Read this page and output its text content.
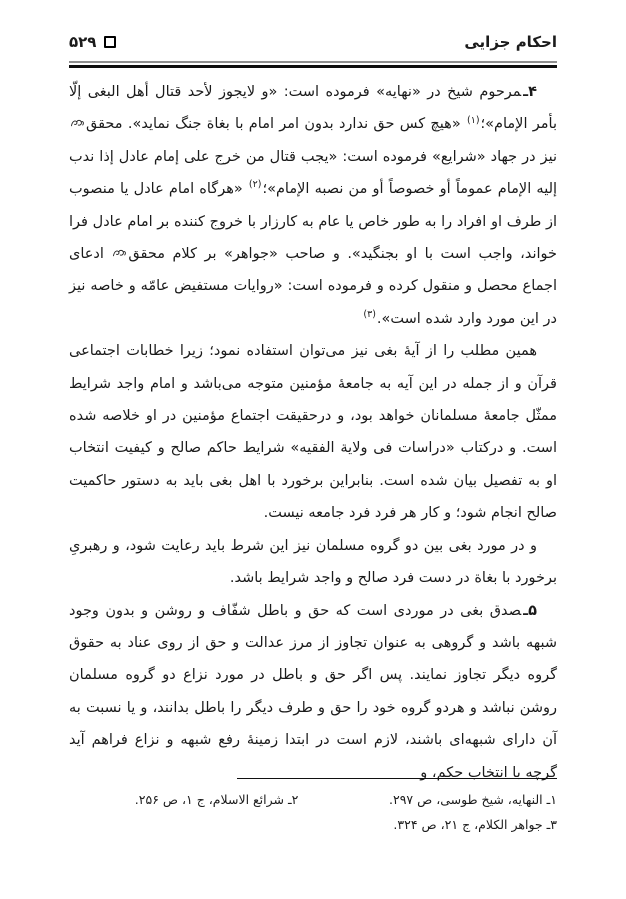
احکام جزایی
۵۲۹

۴ـمرحوم شیخ در «نهایه» فرموده است: «و لایجوز لأحد قتال أهل البغی إلّا بأمر الإمام»؛$^{(۱)}$ «هیچ کس حق ندارد بدون امر امام با بغاة جنگ نماید». محقق نیز در جهاد «شرایع» فرموده است: «یجب قتال من خرج علی إمام عادل إذا ندب إلیه الإمام عموماً أو خصوصاً أو من نصبه الإمام»؛$^{(۲)}$ «هرگاه امام عادل یا منصوب از طرف او افراد را به طور خاص یا عام به کارزار با خروج کننده بر امام عادل فرا خواند، واجب است با او بجنگید». و صاحب «جواهر» بر کلام محقق ادعای اجماع محصل و منقول کرده و فرموده است: «روایات مستفیض عامّه و خاصه نیز در این مورد وارد شده است».$^{(۳)}$

همین مطلب را از آیهٔ بغی نیز می‌توان استفاده نمود؛ زیرا خطابات اجتماعی قرآن و از جمله در این آیه به جامعهٔ مؤمنین متوجه می‌باشد و امام واجد شرایط ممثّل جامعهٔ مسلمانان خواهد بود، و درحقیقت اجتماع مؤمنین در او خلاصه شده است. و درکتاب «دراسات فی ولایة الفقیه» شرایط حاکم صالح و کیفیت انتخاب او به تفصیل بیان شده است. بنابراین برخورد با اهل بغی باید به دستور حاکمیت صالح انجام شود؛ و کار هر فرد فرد جامعه نیست.

و در مورد بغی بین دو گروه مسلمان نیز این شرط باید رعایت شود، و رهبریِ برخورد با بغاة در دست فرد صالح و واجد شرایط باشد.

۵ـصدق بغی در موردی است که حق و باطل شفّاف و روشن و بدون وجود شبهه باشد و گروهی به عنوان تجاوز از مرز عدالت و حق از روی عناد به حقوق گروه دیگر تجاوز نمایند. پس اگر حق و باطل در مورد نزاع دو گروه مسلمان روشن نباشد و هردو گروه خود را حق و طرف دیگر را باطل بدانند، و یا نسبت به آن دارای شبهه‌ای باشند، لازم است در ابتدا زمینهٔ رفع شبهه و نزاع فراهم آید گرچه با انتخاب حکم، و

۱ـ النهایه، شیخ طوسی، ص ۲۹۷.
۲ـ شرائع الاسلام، ج ۱، ص ۲۵۶.
۳ـ جواهر الکلام، ج ۲۱، ص ۳۲۴.
